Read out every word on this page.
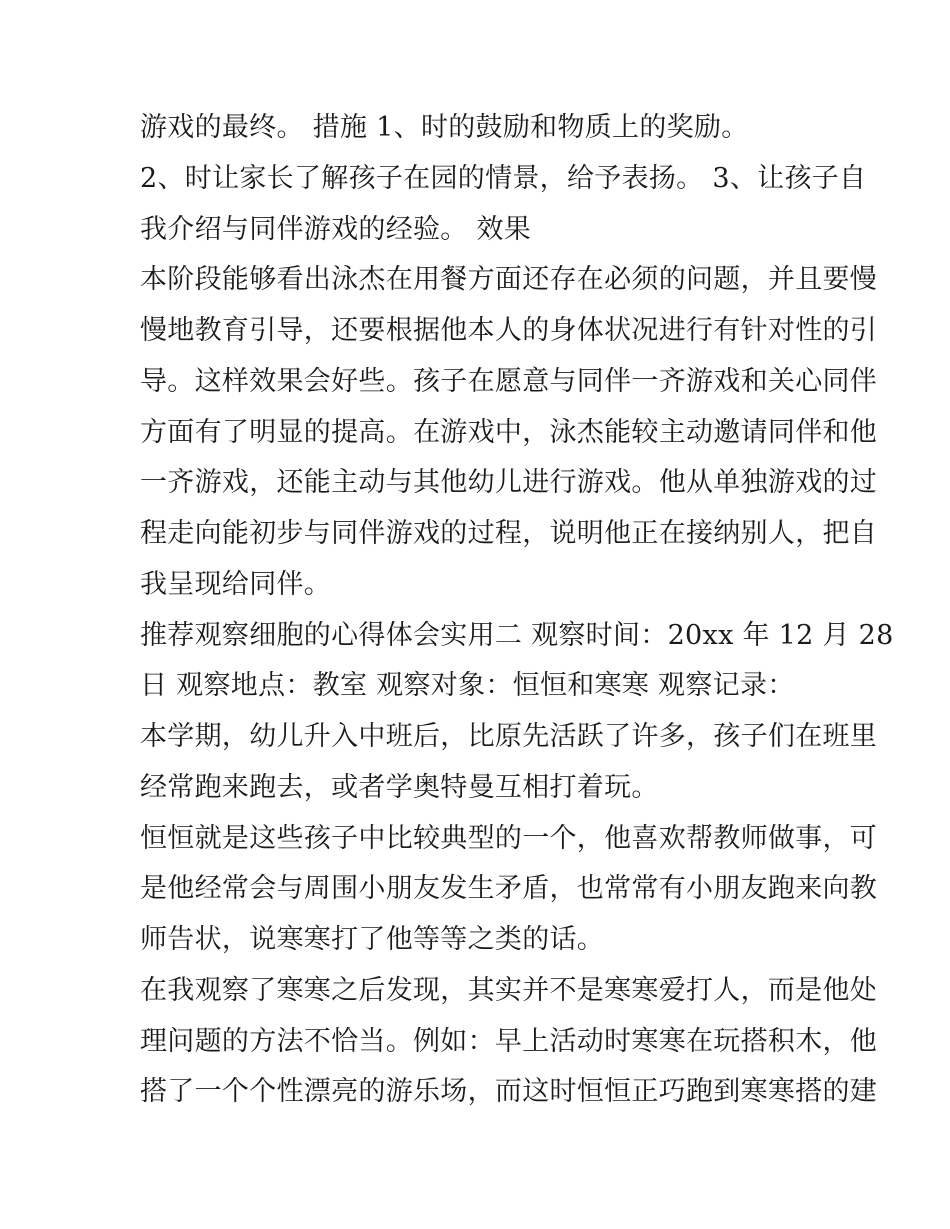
游戏的最终。 措施 1、时的鼓励和物质上的奖励。
2、时让家长了解孩子在园的情景，给予表扬。 3、让孩子自
我介绍与同伴游戏的经验。 效果
本阶段能够看出泳杰在用餐方面还存在必须的问题，并且要慢
慢地教育引导，还要根据他本人的身体状况进行有针对性的引
导。这样效果会好些。孩子在愿意与同伴一齐游戏和关心同伴
方面有了明显的提高。在游戏中，泳杰能较主动邀请同伴和他
一齐游戏，还能主动与其他幼儿进行游戏。他从单独游戏的过
程走向能初步与同伴游戏的过程，说明他正在接纳别人，把自
我呈现给同伴。
推荐观察细胞的心得体会实用二 观察时间：20xx 年 12 月 28
日 观察地点：教室 观察对象：恒恒和寒寒 观察记录：
本学期，幼儿升入中班后，比原先活跃了许多，孩子们在班里
经常跑来跑去，或者学奥特曼互相打着玩。
恒恒就是这些孩子中比较典型的一个，他喜欢帮教师做事，可
是他经常会与周围小朋友发生矛盾，也常常有小朋友跑来向教
师告状，说寒寒打了他等等之类的话。
在我观察了寒寒之后发现，其实并不是寒寒爱打人，而是他处
理问题的方法不恰当。例如：早上活动时寒寒在玩搭积木，他
搭了一个个性漂亮的游乐场，而这时恒恒正巧跑到寒寒搭的建
